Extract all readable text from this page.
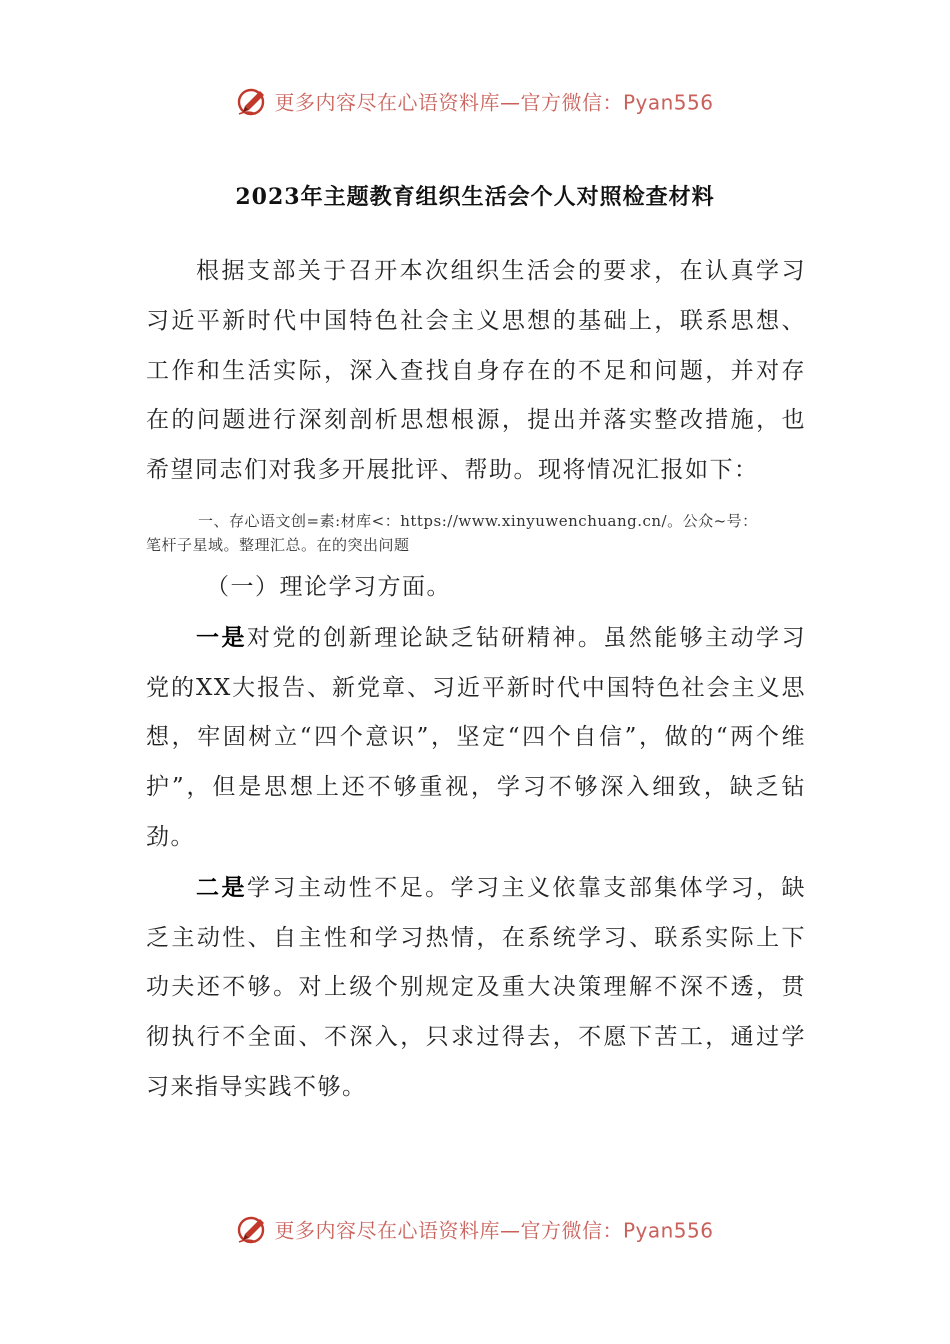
更多内容尽在心语资料库—官方微信：Pyan556
2023年主题教育组织生活会个人对照检查材料

根据支部关于召开本次组织生活会的要求，在认真学习习近平新时代中国特色社会主义思想的基础上，联系思想、工作和生活实际，深入查找自身存在的不足和问题，并对存在的问题进行深刻剖析思想根源，提出并落实整改措施，也希望同志们对我多开展批评、帮助。现将情况汇报如下：

一、存心语文创=素:材库<：https://www.xinyuwenchuang.cn/。公众~号：
笔杆子星域。整理汇总。在的突出问题

（一）理论学习方面。

一是对党的创新理论缺乏钻研精神。虽然能够主动学习党的XX大报告、新党章、习近平新时代中国特色社会主义思想，牢固树立“四个意识”，坚定“四个自信”，做的“两个维护”，但是思想上还不够重视，学习不够深入细致，缺乏钻劲。

二是学习主动性不足。学习主义依靠支部集体学习，缺乏主动性、自主性和学习热情，在系统学习、联系实际上下功夫还不够。对上级个别规定及重大决策理解不深不透，贯彻执行不全面、不深入，只求过得去，不愿下苦工，通过学习来指导实践不够。

更多内容尽在心语资料库—官方微信：Pyan556
